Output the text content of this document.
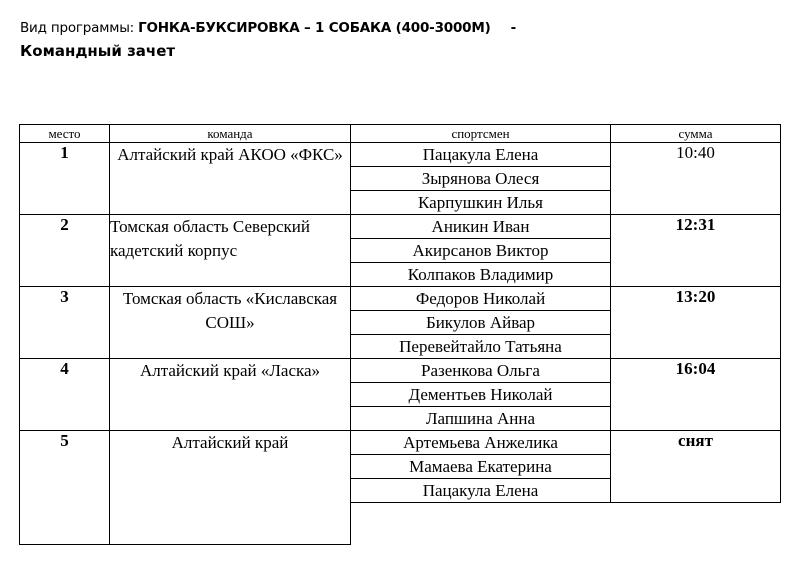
Вид программы: ГОНКА-БУКСИРОВКА – 1 СОБАКА (400-3000М) -
Командный зачет
место	команда	спортсмен	сумма
1	Алтайский край АКОО «ФКС»	Пацакула Елена	10:40
		Зырянова Олеся	
		Карпушкин Илья	
2	Томская область Северский кадетский корпус	Аникин Иван	12:31
		Акирсанов Виктор	
		Колпаков Владимир	
3	Томская область «Киславская СОШ»	Федоров Николай	13:20
		Бикулов Айвар	
		Перевейтайло Татьяна	
4	Алтайский край «Ласка»	Разенкова Ольга	16:04
		Дементьев Николай	
		Лапшина Анна	
5	Алтайский край	Артемьева Анжелика	снят
		Мамаева Екатерина	
		Пацакула Елена	
